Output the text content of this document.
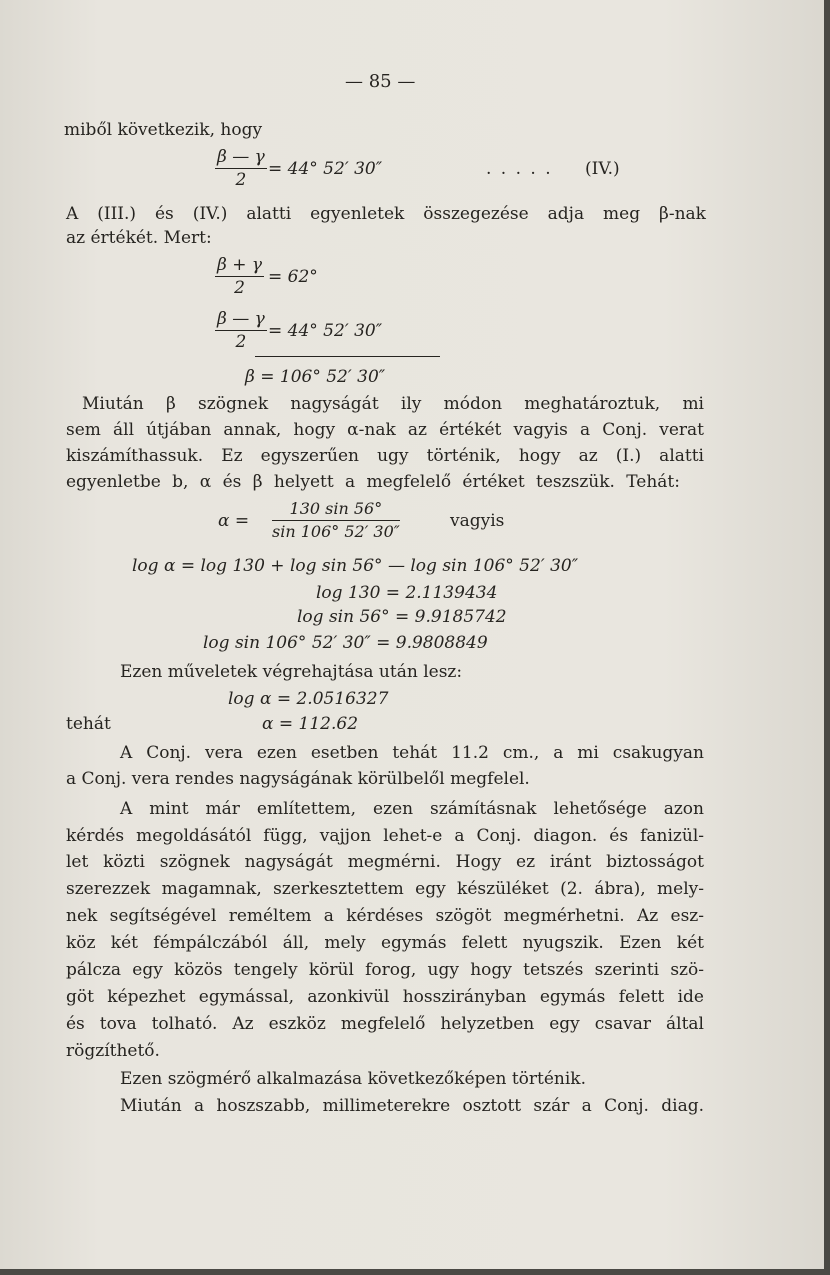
— 85 —
miből következik, hogy
$\frac{\beta — \gamma}{2} = 44^\circ$ 52′ 30″	. . . . . (IV.)
A (III.) és (IV.) alatti egyenletek összegezése adja meg β-nak
az értékét. Mert:
$\frac{\beta + \gamma}{2} = 62^\circ$
$\frac{\beta — \gamma}{2} = 44^\circ$ 52′ 30″
β = 106° 52′ 30″
Miután β szögnek nagyságát ily módon meghatároztuk, mi
sem áll útjában annak, hogy α-nak az értékét vagyis a Conj. verat
kiszámíthassuk. Ez egyszerűen ugy történik, hogy az (I.) alatti
egyenletbe b, α és β helyett a megfelelő értéket teszszük. Tehát:
$\alpha = \frac{130 \sin 56^\circ}{\sin 106^\circ 52' 30''}$	vagyis
log α = log 130 + log sin 56° — log sin 106° 52′ 30″
log 130 = 2.1139434
log sin 56° = 9.9185742
log sin 106° 52′ 30″ = 9.9808849
Ezen műveletek végrehajtása után lesz:
log α = 2.0516327
tehát	α = 112.62
A Conj. vera ezen esetben tehát 11.2 cm., a mi csakugyan
a Conj. vera rendes nagyságának körülbelől megfelel.
A mint már említettem, ezen számításnak lehetősége azon
kérdés megoldásától függ, vajjon lehet-e a Conj. diagon. és fanizül-
let közti szögnek nagyságát megmérni. Hogy ez iránt biztosságot
szerezzek magamnak, szerkesztettem egy készüléket (2. ábra), mely-
nek segítségével reméltem a kérdéses szögöt megmérhetni. Az esz-
köz két fémpálczából áll, mely egymás felett nyugszik. Ezen két
pálcza egy közös tengely körül forog, ugy hogy tetszés szerinti szö-
göt képezhet egymással, azonkivül hosszirányban egymás felett ide
és tova tolható. Az eszköz megfelelő helyzetben egy csavar által
rögzíthető.
Ezen szögmérő alkalmazása következőképen történik.
Miután a hoszszabb, millimeterekre osztott szár a Conj. diag.
